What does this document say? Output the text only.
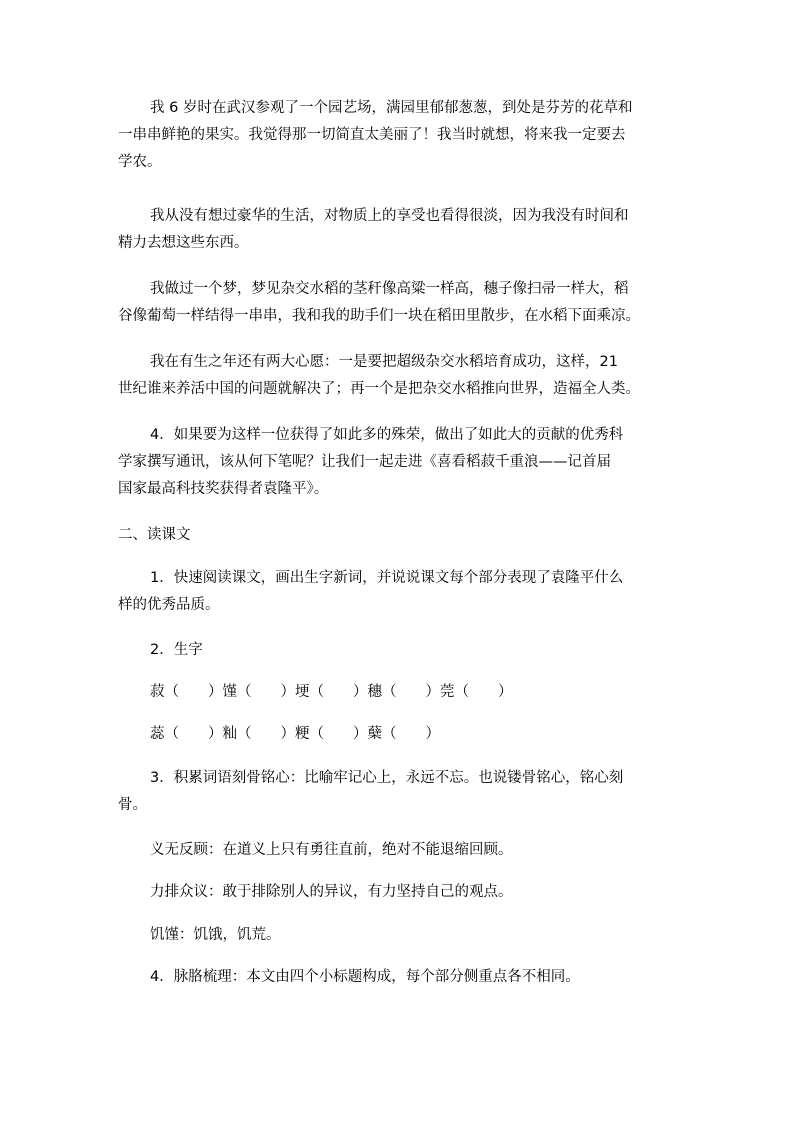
我 6 岁时在武汉参观了一个园艺场，满园里郁郁葱葱，到处是芬芳的花草和
一串串鲜艳的果实。我觉得那一切简直太美丽了！我当时就想，将来我一定要去
学农。
我从没有想过豪华的生活，对物质上的享受也看得很淡，因为我没有时间和
精力去想这些东西。
我做过一个梦，梦见杂交水稻的茎秆像高粱一样高，穗子像扫帚一样大，稻
谷像葡萄一样结得一串串，我和我的助手们一块在稻田里散步，在水稻下面乘凉。
我在有生之年还有两大心愿：一是要把超级杂交水稻培育成功，这样，21
世纪谁来养活中国的问题就解决了；再一个是把杂交水稻推向世界，造福全人类。
4．如果要为这样一位获得了如此多的殊荣，做出了如此大的贡献的优秀科
学家撰写通讯，该从何下笔呢？让我们一起走进《喜看稻菽千重浪——记首届
国家最高科技奖获得者袁隆平》。
二、读课文
1．快速阅读课文，画出生字新词，并说说课文每个部分表现了袁隆平什么
样的优秀品质。
2．生字
菽（　　）馑（　　）埂（　　）穗（　　）莞（　　）
蕊（　　）籼（　　）粳（　　）蘖（　　）
3．积累词语刻骨铭心：比喻牢记心上，永远不忘。也说镂骨铭心，铭心刻
骨。
义无反顾：在道义上只有勇往直前，绝对不能退缩回顾。
力排众议：敢于排除别人的异议，有力坚持自己的观点。
饥馑：饥饿，饥荒。
4．脉胳梳理：本文由四个小标题构成，每个部分侧重点各不相同。
